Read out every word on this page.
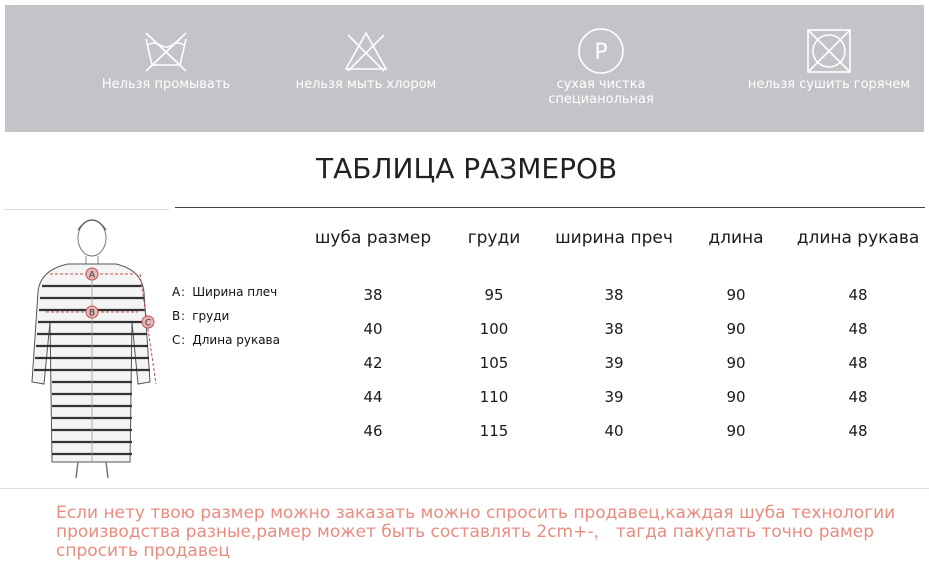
Нельзя промывать	нельзя мыть хлором
P
сухая чистка
специанольная
нельзя сушить горячем
ТАБЛИЦА РАЗМЕРОВ
A
B
C
A：Ширина плеч
B：груди
C：Длина рукава
шуба размер	груди	ширина преч	длина	длина рукава
38	95	38	90	48
40	100	38	90	48
42	105	39	90	48
44	110	39	90	48
46	115	40	90	48
Если нету твою размер можно заказать можно спросить продавец,каждая шуба технологии
производства разные,рамер может быть составлять 2cm+-， тагда пакупать точно рамер
спросить продавец
